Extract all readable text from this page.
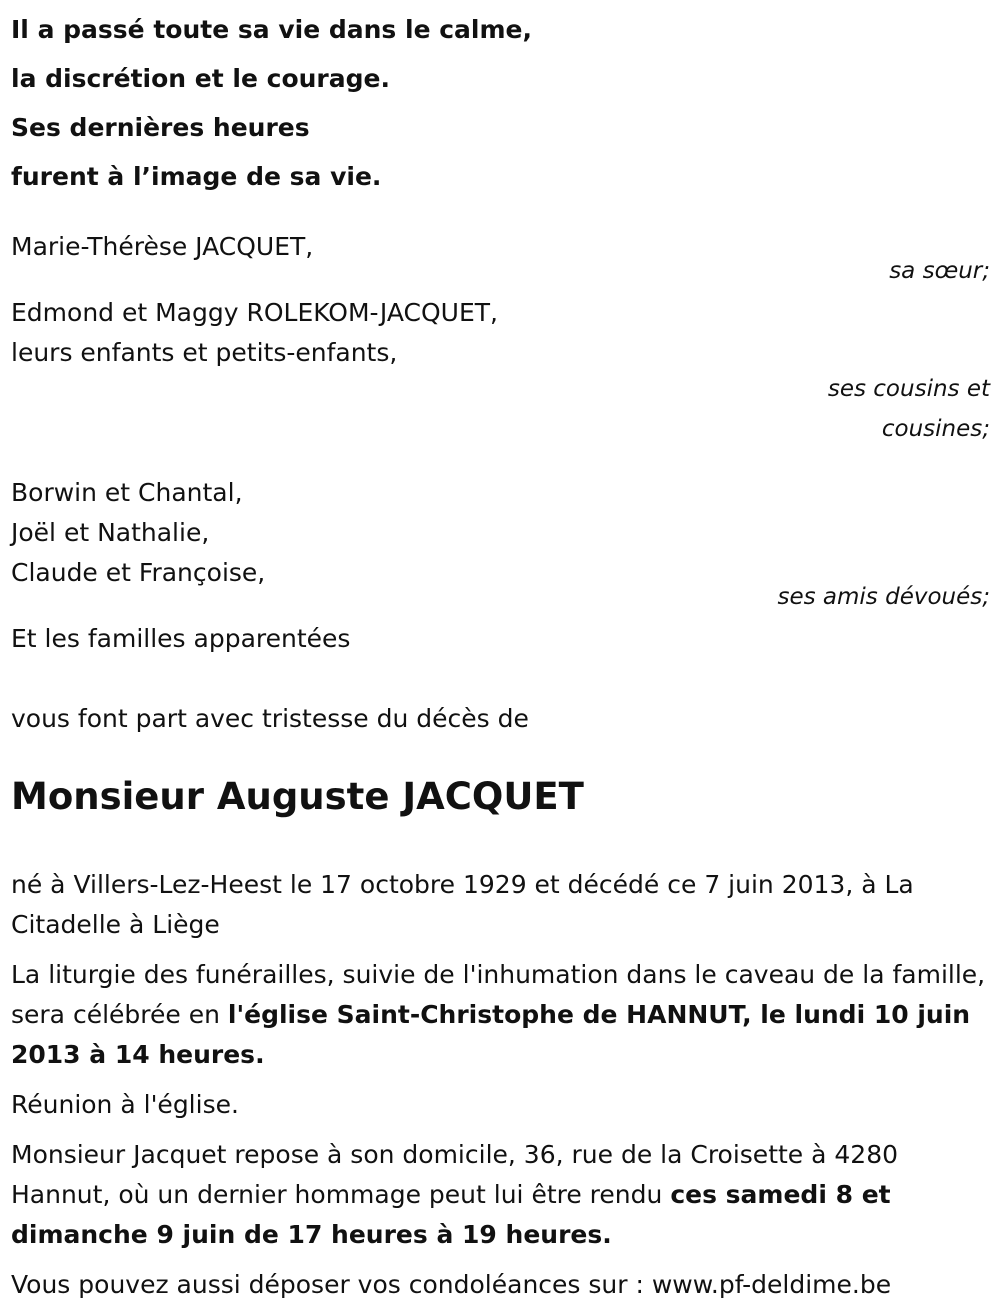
Il a passé toute sa vie dans le calme,
la discrétion et le courage.
Ses dernières heures
furent à l’image de sa vie.
Marie-Thérèse JACQUET,
sa sœur;
Edmond et Maggy ROLEKOM-JACQUET,
leurs enfants et petits-enfants,
ses cousins et
cousines;
Borwin et Chantal,
Joël et Nathalie,
Claude et Françoise,
ses amis dévoués;
Et les familles apparentées
vous font part avec tristesse du décès de
Monsieur Auguste JACQUET

né à Villers-Lez-Heest le 17 octobre 1929 et décédé ce 7 juin 2013, à La Citadelle à Liège

La liturgie des funérailles, suivie de l'inhumation dans le caveau de la famille, sera célébrée en l'église Saint-Christophe de HANNUT, le lundi 10 juin 2013 à 14 heures.

Réunion à l'église.

Monsieur Jacquet repose à son domicile, 36, rue de la Croisette à 4280 Hannut, où un dernier hommage peut lui être rendu ces samedi 8 et dimanche 9 juin de 17 heures à 19 heures.

Vous pouvez aussi déposer vos condoléances sur : www.pf-deldime.be
